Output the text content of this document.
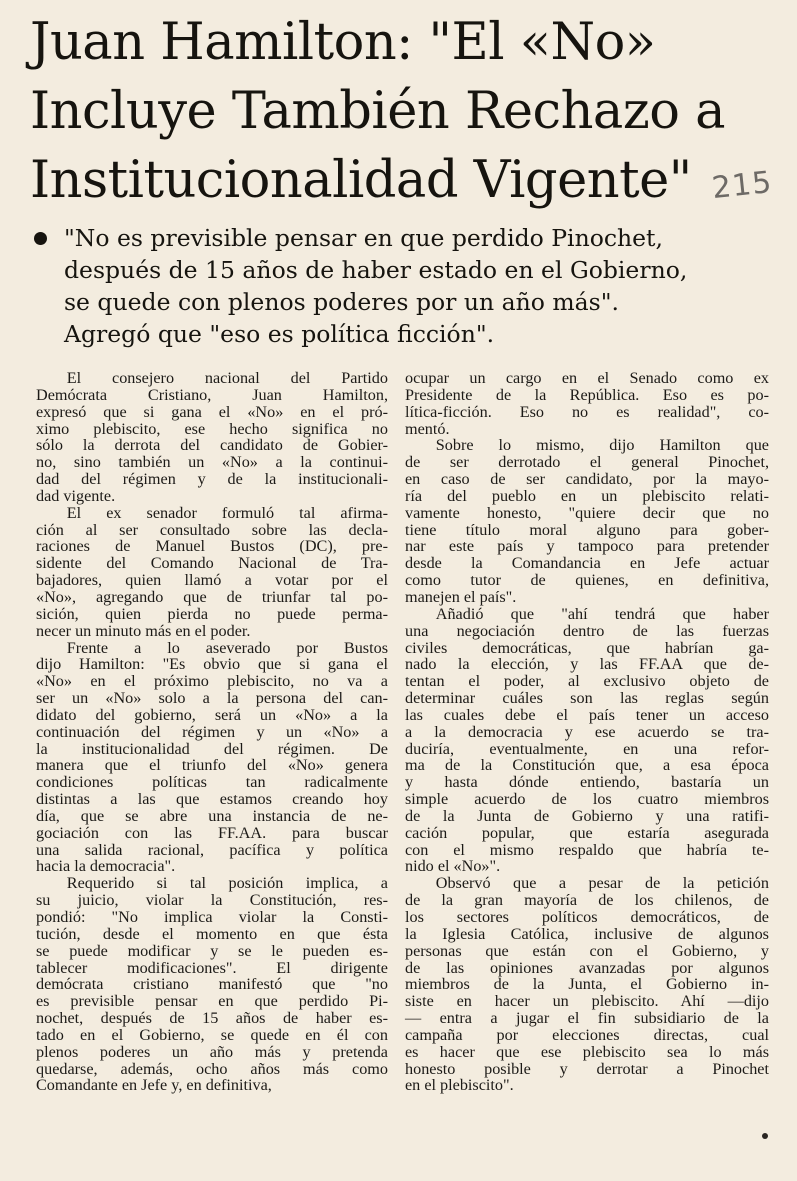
Juan Hamilton: "El «No»
Incluye También Rechazo a
Institucionalidad Vigente" 215

"No es previsible pensar en que perdido Pinochet,
después de 15 años de haber estado en el Gobierno,
se quede con plenos poderes por un año más".
Agregó que "eso es política ficción".

El consejero nacional del Partido
Demócrata Cristiano, Juan Hamilton,
expresó que si gana el «No» en el pró-
ximo plebiscito, ese hecho significa no
sólo la derrota del candidato de Gobier-
no, sino también un «No» a la continui-
dad del régimen y de la institucionali-
dad vigente.
El ex senador formuló tal afirma-
ción al ser consultado sobre las decla-
raciones de Manuel Bustos (DC), pre-
sidente del Comando Nacional de Tra-
bajadores, quien llamó a votar por el
«No», agregando que de triunfar tal po-
sición, quien pierda no puede perma-
necer un minuto más en el poder.
Frente a lo aseverado por Bustos
dijo Hamilton: "Es obvio que si gana el
«No» en el próximo plebiscito, no va a
ser un «No» solo a la persona del can-
didato del gobierno, será un «No» a la
continuación del régimen y un «No» a
la institucionalidad del régimen. De
manera que el triunfo del «No» genera
condiciones políticas tan radicalmente
distintas a las que estamos creando hoy
día, que se abre una instancia de ne-
gociación con las FF.AA. para buscar
una salida racional, pacífica y política
hacia la democracia".
Requerido si tal posición implica, a
su juicio, violar la Constitución, res-
pondió: "No implica violar la Consti-
tución, desde el momento en que ésta
se puede modificar y se le pueden es-
tablecer modificaciones". El dirigente
demócrata cristiano manifestó que "no
es previsible pensar en que perdido Pi-
nochet, después de 15 años de haber es-
tado en el Gobierno, se quede en él con
plenos poderes un año más y pretenda
quedarse, además, ocho años más como
Comandante en Jefe y, en definitiva,
ocupar un cargo en el Senado como ex
Presidente de la República. Eso es po-
lítica-ficción. Eso no es realidad", co-
mentó.
Sobre lo mismo, dijo Hamilton que
de ser derrotado el general Pinochet,
en caso de ser candidato, por la mayo-
ría del pueblo en un plebiscito relati-
vamente honesto, "quiere decir que no
tiene título moral alguno para gober-
nar este país y tampoco para pretender
desde la Comandancia en Jefe actuar
como tutor de quienes, en definitiva,
manejen el país".
Añadió que "ahí tendrá que haber
una negociación dentro de las fuerzas
civiles democráticas, que habrían ga-
nado la elección, y las FF.AA que de-
tentan el poder, al exclusivo objeto de
determinar cuáles son las reglas según
las cuales debe el país tener un acceso
a la democracia y ese acuerdo se tra-
duciría, eventualmente, en una refor-
ma de la Constitución que, a esa época
y hasta dónde entiendo, bastaría un
simple acuerdo de los cuatro miembros
de la Junta de Gobierno y una ratifi-
cación popular, que estaría asegurada
con el mismo respaldo que habría te-
nido el «No»".
Observó que a pesar de la petición
de la gran mayoría de los chilenos, de
los sectores políticos democráticos, de
la Iglesia Católica, inclusive de algunos
personas que están con el Gobierno, y
de las opiniones avanzadas por algunos
miembros de la Junta, el Gobierno in-
siste en hacer un plebiscito. Ahí —dijo
— entra a jugar el fin subsidiario de la
campaña por elecciones directas, cual
es hacer que ese plebiscito sea lo más
honesto posible y derrotar a Pinochet
en el plebiscito".
